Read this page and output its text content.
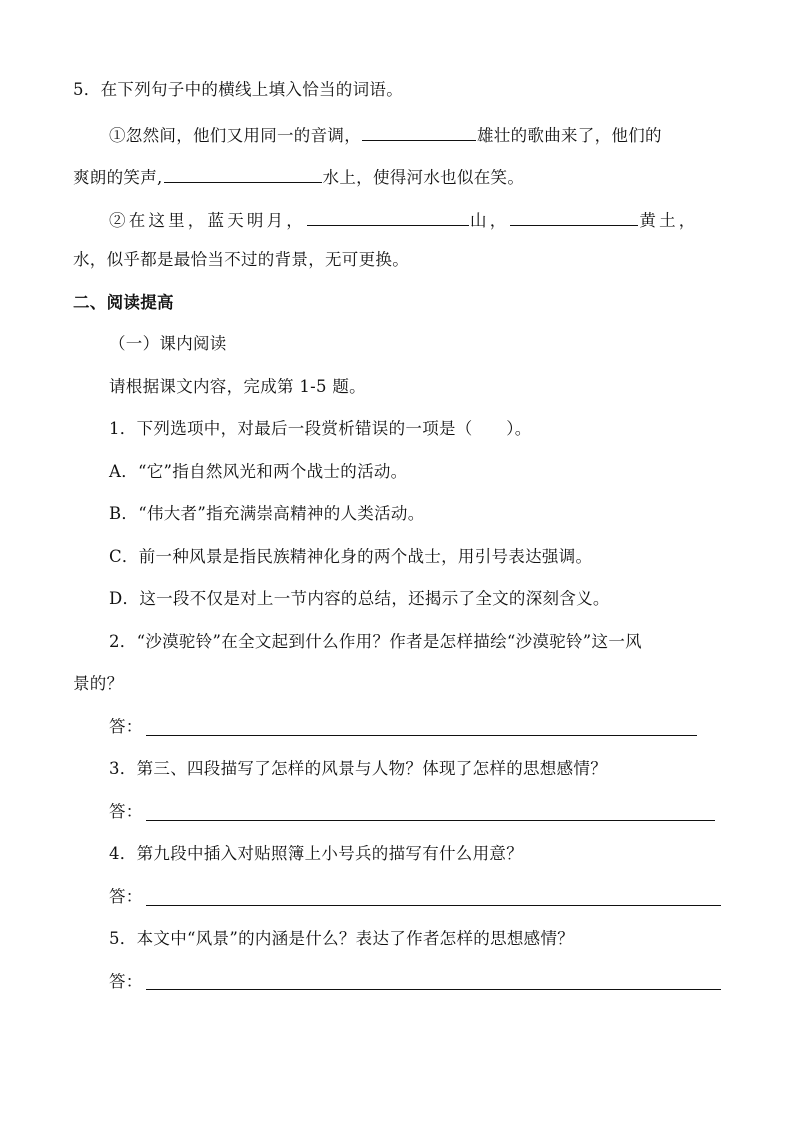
5．在下列句子中的横线上填入恰当的词语。
①忽然间，他们又用同一的音调，	雄壮的歌曲来了，他们的
爽朗的笑声,	水上，使得河水也似在笑。
②在这里，蓝天明月，	山，	黄土，
水，似乎都是最恰当不过的背景，无可更换。
二、阅读提高
（一）课内阅读
请根据课文内容，完成第 1-5 题。
1．下列选项中，对最后一段赏析错误的一项是（　　）。
A．“它”指自然风光和两个战士的活动。
B．“伟大者”指充满崇高精神的人类活动。
C．前一种风景是指民族精神化身的两个战士，用引号表达强调。
D．这一段不仅是对上一节内容的总结，还揭示了全文的深刻含义。
2．“沙漠驼铃”在全文起到什么作用？作者是怎样描绘“沙漠驼铃”这一风
景的？
答：
3．第三、四段描写了怎样的风景与人物？体现了怎样的思想感情？
答：
4．第九段中插入对贴照簿上小号兵的描写有什么用意？
答：
5．本文中“风景”的内涵是什么？表达了作者怎样的思想感情？
答：
